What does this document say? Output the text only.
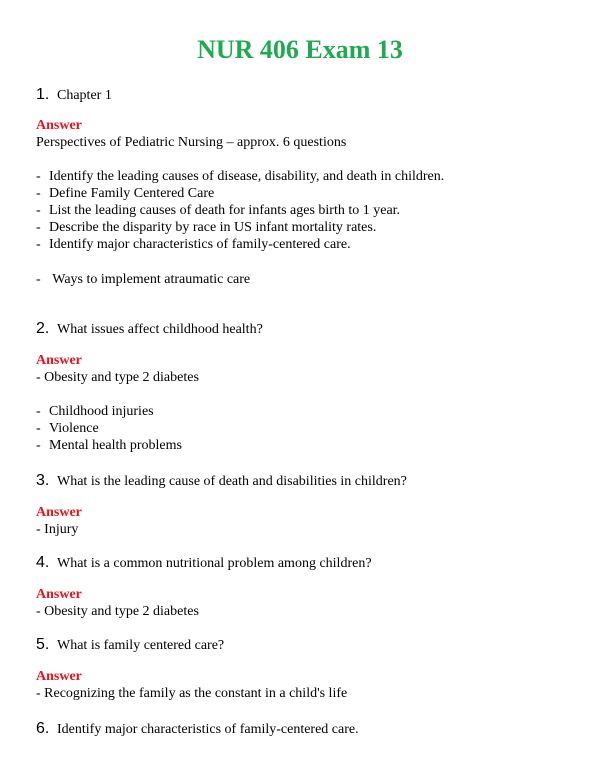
NUR 406 Exam 13
1. Chapter 1
Answer
Perspectives of Pediatric Nursing – approx. 6 questions
- Identify the leading causes of disease, disability, and death in children.
- Define Family Centered Care
- List the leading causes of death for infants ages birth to 1 year.
- Describe the disparity by race in US infant mortality rates.
- Identify major characteristics of family-centered care.
- Ways to implement atraumatic care
2. What issues affect childhood health?
Answer
- Obesity and type 2 diabetes
- Childhood injuries
- Violence
- Mental health problems
3. What is the leading cause of death and disabilities in children?
Answer
- Injury
4. What is a common nutritional problem among children?
Answer
- Obesity and type 2 diabetes
5. What is family centered care?
Answer
- Recognizing the family as the constant in a child's life
6. Identify major characteristics of family-centered care.
